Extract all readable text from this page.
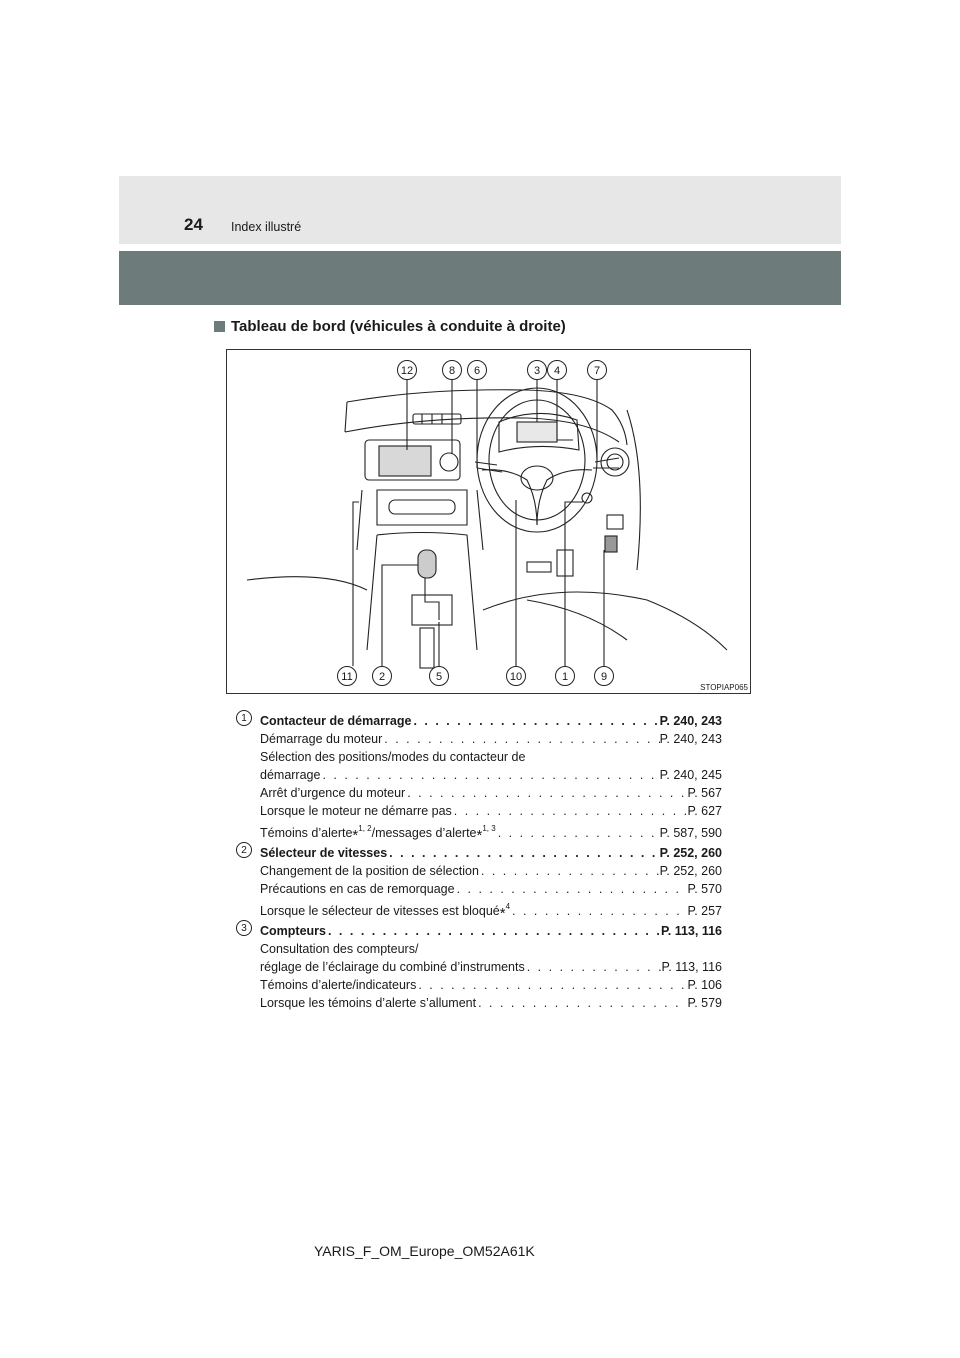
24 Index illustré
Tableau de bord (véhicules à conduite à droite)
12	8	6	3	4	7
11	2	5	10	1	9
STOPIAP065
1	Contacteur de démarrage . . .	P. 240, 243
Démarrage du moteur . . .	P. 240, 243
Sélection des positions/modes du contacteur de
démarrage . . .	P. 240, 245
Arrêt d’urgence du moteur . . .	P. 567
Lorsque le moteur ne démarre pas . . .	P. 627
Témoins d’alerte*$^{1, 2}$/messages d’alerte*$^{1, 3}$ . . .	P. 587, 590
2	Sélecteur de vitesses . . .	P. 252, 260
Changement de la position de sélection . . .	P. 252, 260
Précautions en cas de remorquage . . .	P. 570
Lorsque le sélecteur de vitesses est bloqué*$^4$ . . .	P. 257
3	Compteurs . . .	P. 113, 116
Consultation des compteurs/
réglage de l’éclairage du combiné d’instruments . . .	P. 113, 116
Témoins d’alerte/indicateurs . . .	P. 106
Lorsque les témoins d’alerte s’allument . . .	P. 579
YARIS_F_OM_Europe_OM52A61K
